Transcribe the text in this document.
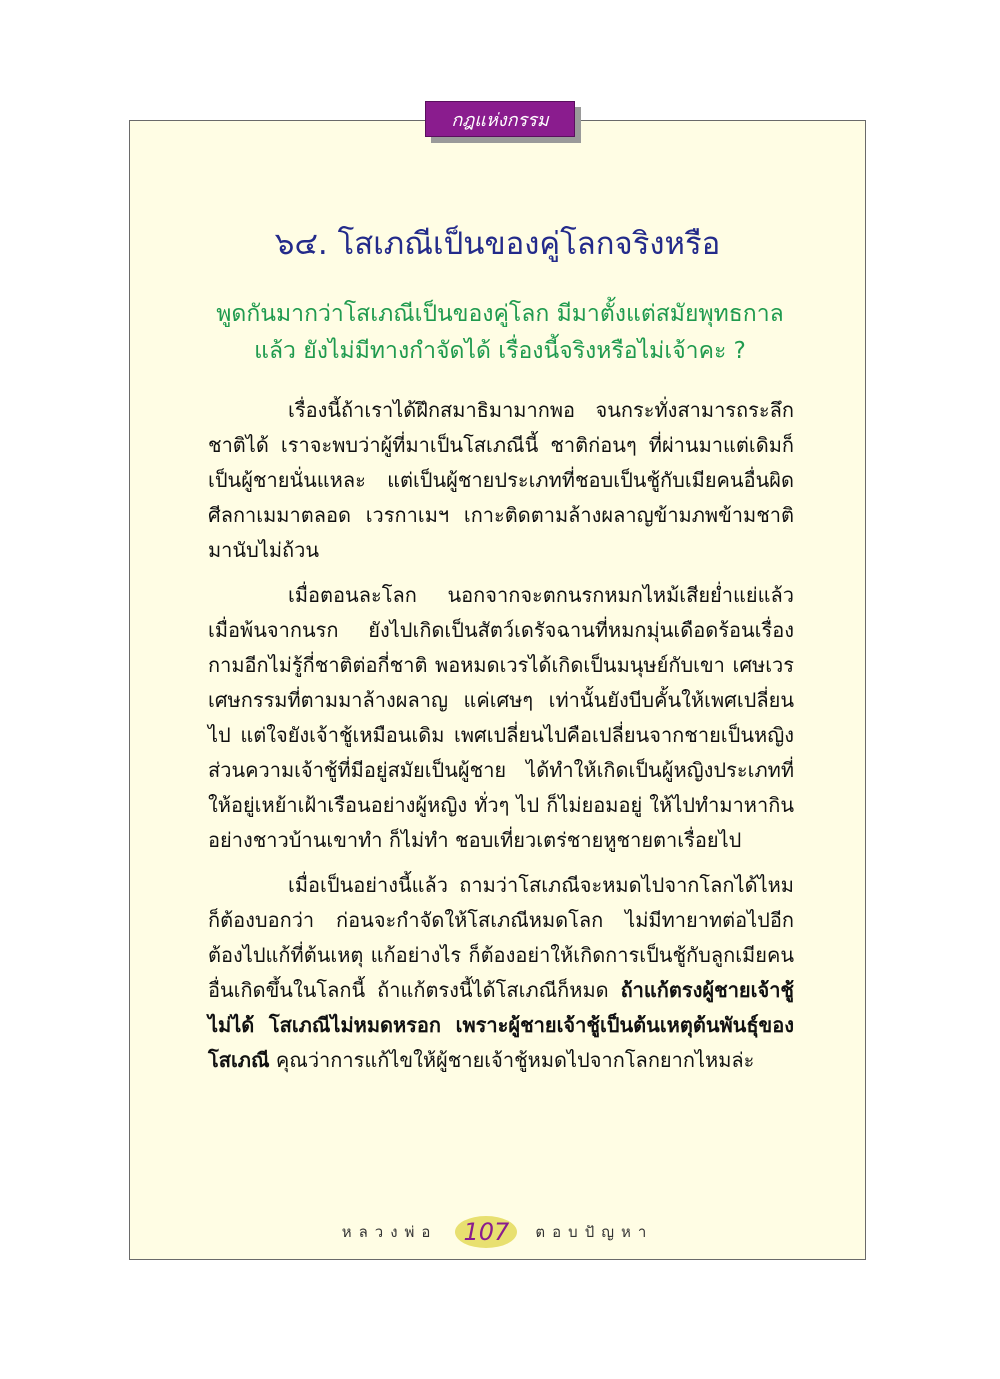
กฎแห่งกรรม
๖๔. โสเภณีเป็นของคู่โลกจริงหรือ

พูดกันมากว่าโสเภณีเป็นของคู่โลก มีมาตั้งแต่สมัยพุทธกาล แล้ว ยังไม่มีทางกำจัดได้ เรื่องนี้จริงหรือไม่เจ้าคะ ?

เรื่องนี้ถ้าเราได้ฝึกสมาธิมามากพอ จนกระทั่งสามารถระลึกชาติได้ เราจะพบว่าผู้ที่มาเป็นโสเภณีนี้ ชาติก่อนๆ ที่ผ่านมาแต่เดิมก็เป็นผู้ชายนั่นแหละ แต่เป็นผู้ชายประเภทที่ชอบเป็นชู้กับเมียคนอื่นผิดศีลกาเมมาตลอด เวรกาเมฯ เกาะติดตามล้างผลาญข้ามภพข้ามชาติมานับไม่ถ้วน

เมื่อตอนละโลก นอกจากจะตกนรกหมกไหม้เสียย่ำแย่แล้ว เมื่อพ้นจากนรก ยังไปเกิดเป็นสัตว์เดรัจฉานที่หมกมุ่นเดือดร้อนเรื่องกามอีกไม่รู้กี่ชาติต่อกี่ชาติ พอหมดเวรได้เกิดเป็นมนุษย์กับเขา เศษเวรเศษกรรมที่ตามมาล้างผลาญ แค่เศษๆ เท่านั้นยังบีบคั้นให้เพศเปลี่ยนไป แต่ใจยังเจ้าชู้เหมือนเดิม เพศเปลี่ยนไปคือเปลี่ยนจากชายเป็นหญิง ส่วนความเจ้าชู้ที่มีอยู่สมัยเป็นผู้ชาย ได้ทำให้เกิดเป็นผู้หญิงประเภทที่ให้อยู่เหย้าเฝ้าเรือนอย่างผู้หญิง ทั่วๆ ไป ก็ไม่ยอมอยู่ ให้ไปทำมาหากินอย่างชาวบ้านเขาทำ ก็ไม่ทำ ชอบเที่ยวเตร่ชายหูชายตาเรื่อยไป

เมื่อเป็นอย่างนี้แล้ว ถามว่าโสเภณีจะหมดไปจากโลกได้ไหม ก็ต้องบอกว่า ก่อนจะกำจัดให้โสเภณีหมดโลก ไม่มีทายาทต่อไปอีก ต้องไปแก้ที่ต้นเหตุ แก้อย่างไร ก็ต้องอย่าให้เกิดการเป็นชู้กับลูกเมียคนอื่นเกิดขึ้นในโลกนี้ ถ้าแก้ตรงนี้ได้โสเภณีก็หมด ถ้าแก้ตรงผู้ชายเจ้าชู้ไม่ได้ โสเภณีไม่หมดหรอก เพราะผู้ชายเจ้าชู้เป็นต้นเหตุต้นพันธุ์ของโสเภณี คุณว่าการแก้ไขให้ผู้ชายเจ้าชู้หมดไปจากโลกยากไหมล่ะ

หลวงพ่อ 107 ตอบปัญหา
